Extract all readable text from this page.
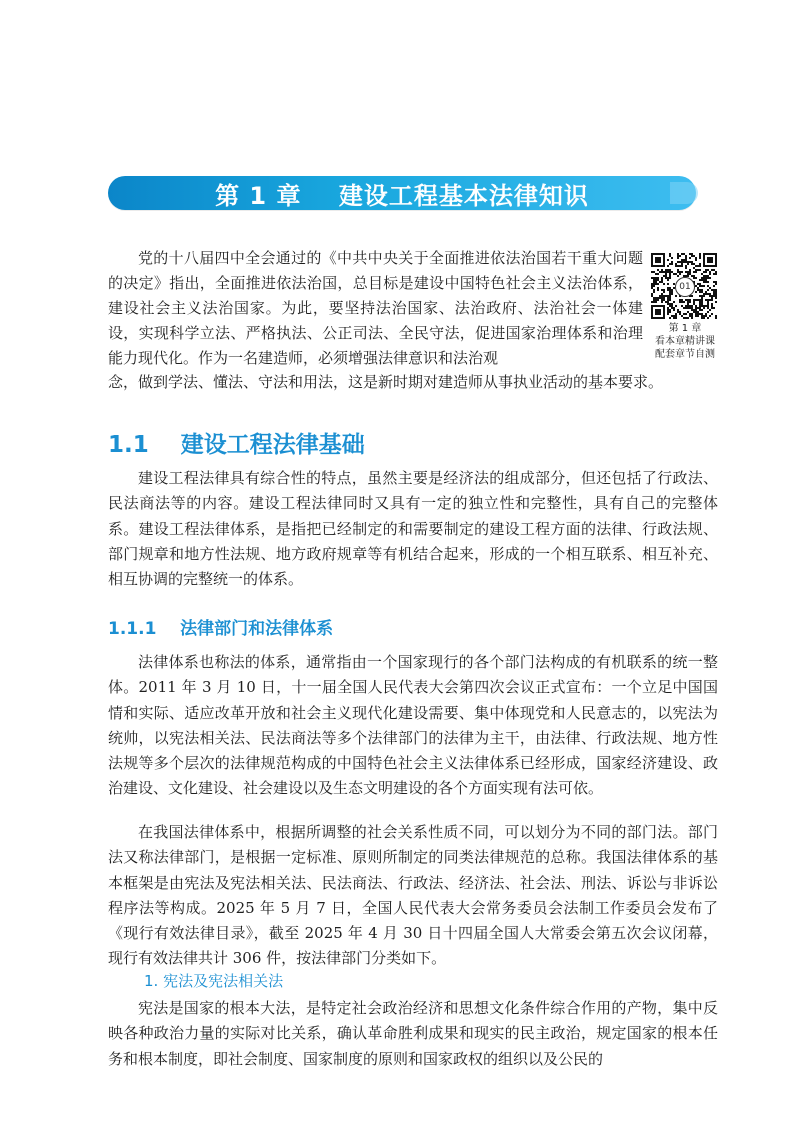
第 1 章    建设工程基本法律知识

党的十八届四中全会通过的《中共中央关于全面推进依法治国若干重大问题的决定》指出，全面推进依法治国，总目标是建设中国特色社会主义法治体系，建设社会主义法治国家。为此，要坚持法治国家、法治政府、法治社会一体建设，实现科学立法、严格执法、公正司法、全民守法，促进国家治理体系和治理能力现代化。作为一名建造师，必须增强法律意识和法治观

01
第 1 章
看本章精讲课
配套章节自测

念，做到学法、懂法、守法和用法，这是新时期对建造师从事执业活动的基本要求。

1.1    建设工程法律基础

建设工程法律具有综合性的特点，虽然主要是经济法的组成部分，但还包括了行政法、民法商法等的内容。建设工程法律同时又具有一定的独立性和完整性，具有自己的完整体系。建设工程法律体系，是指把已经制定的和需要制定的建设工程方面的法律、行政法规、部门规章和地方性法规、地方政府规章等有机结合起来，形成的一个相互联系、相互补充、相互协调的完整统一的体系。

1.1.1    法律部门和法律体系

法律体系也称法的体系，通常指由一个国家现行的各个部门法构成的有机联系的统一整体。2011 年 3 月 10 日，十一届全国人民代表大会第四次会议正式宣布：一个立足中国国情和实际、适应改革开放和社会主义现代化建设需要、集中体现党和人民意志的，以宪法为统帅，以宪法相关法、民法商法等多个法律部门的法律为主干，由法律、行政法规、地方性法规等多个层次的法律规范构成的中国特色社会主义法律体系已经形成，国家经济建设、政治建设、文化建设、社会建设以及生态文明建设的各个方面实现有法可依。

在我国法律体系中，根据所调整的社会关系性质不同，可以划分为不同的部门法。部门法又称法律部门，是根据一定标准、原则所制定的同类法律规范的总称。我国法律体系的基本框架是由宪法及宪法相关法、民法商法、行政法、经济法、社会法、刑法、诉讼与非诉讼程序法等构成。2025 年 5 月 7 日，全国人民代表大会常务委员会法制工作委员会发布了《现行有效法律目录》，截至 2025 年 4 月 30 日十四届全国人大常委会第五次会议闭幕，现行有效法律共计 306 件，按法律部门分类如下。

1. 宪法及宪法相关法

宪法是国家的根本大法，是特定社会政治经济和思想文化条件综合作用的产物，集中反映各种政治力量的实际对比关系，确认革命胜利成果和现实的民主政治，规定国家的根本任务和根本制度，即社会制度、国家制度的原则和国家政权的组织以及公民的
